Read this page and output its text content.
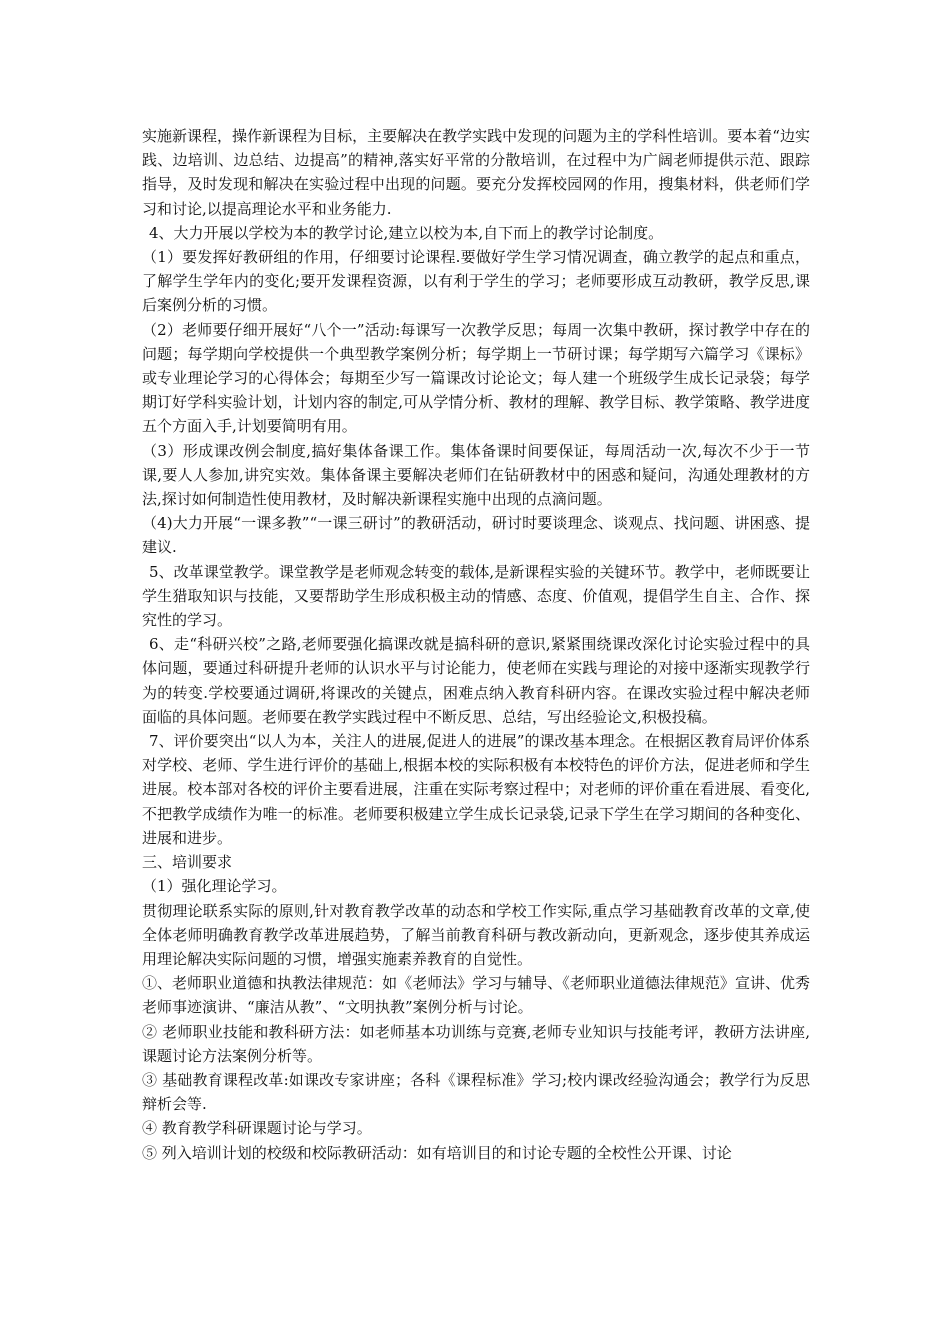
实施新课程，操作新课程为目标，主要解决在教学实践中发现的问题为主的学科性培训。要本着“边实践、边培训、边总结、边提高”的精神,落实好平常的分散培训，在过程中为广阔老师提供示范、跟踪指导，及时发现和解决在实验过程中出现的问题。要充分发挥校园网的作用，搜集材料，供老师们学习和讨论,以提高理论水平和业务能力.

4、大力开展以学校为本的教学讨论,建立以校为本,自下而上的教学讨论制度。

（1）要发挥好教研组的作用，仔细要讨论课程.要做好学生学习情况调查，确立教学的起点和重点，了解学生学年内的变化;要开发课程资源，以有利于学生的学习；老师要形成互动教研，教学反思,课后案例分析的习惯。

（2）老师要仔细开展好“八个一”活动:每课写一次教学反思；每周一次集中教研，探讨教学中存在的问题；每学期向学校提供一个典型教学案例分析；每学期上一节研讨课；每学期写六篇学习《课标》或专业理论学习的心得体会；每期至少写一篇课改讨论论文；每人建一个班级学生成长记录袋；每学期订好学科实验计划，计划内容的制定,可从学情分析、教材的理解、教学目标、教学策略、教学进度五个方面入手,计划要简明有用。

（3）形成课改例会制度,搞好集体备课工作。集体备课时间要保证，每周活动一次,每次不少于一节课,要人人参加,讲究实效。集体备课主要解决老师们在钻研教材中的困惑和疑问，沟通处理教材的方法,探讨如何制造性使用教材，及时解决新课程实施中出现的点滴问题。

（4)大力开展“一课多教”“一课三研讨”的教研活动，研讨时要谈理念、谈观点、找问题、讲困惑、提建议.

5、改革课堂教学。课堂教学是老师观念转变的载体,是新课程实验的关键环节。教学中，老师既要让学生猎取知识与技能，又要帮助学生形成积极主动的情感、态度、价值观，提倡学生自主、合作、探究性的学习。

6、走“科研兴校”之路,老师要强化搞课改就是搞科研的意识,紧紧围绕课改深化讨论实验过程中的具体问题，要通过科研提升老师的认识水平与讨论能力，使老师在实践与理论的对接中逐渐实现教学行为的转变.学校要通过调研,将课改的关键点，困难点纳入教育科研内容。在课改实验过程中解决老师面临的具体问题。老师要在教学实践过程中不断反思、总结，写出经验论文,积极投稿。

7、评价要突出“以人为本，关注人的进展,促进人的进展”的课改基本理念。在根据区教育局评价体系对学校、老师、学生进行评价的基础上,根据本校的实际积极有本校特色的评价方法，促进老师和学生进展。校本部对各校的评价主要看进展，注重在实际考察过程中；对老师的评价重在看进展、看变化,不把教学成绩作为唯一的标准。老师要积极建立学生成长记录袋,记录下学生在学习期间的各种变化、进展和进步。

三、培训要求

（1）强化理论学习。

贯彻理论联系实际的原则,针对教育教学改革的动态和学校工作实际,重点学习基础教育改革的文章,使全体老师明确教育教学改革进展趋势，了解当前教育科研与教改新动向，更新观念，逐步使其养成运用理论解决实际问题的习惯，增强实施素养教育的自觉性。

①、老师职业道德和执教法律规范：如《老师法》学习与辅导、《老师职业道德法律规范》宣讲、优秀老师事迹演讲、“廉洁从教”、“文明执教”案例分析与讨论。

② 老师职业技能和教科研方法：如老师基本功训练与竞赛,老师专业知识与技能考评，教研方法讲座,课题讨论方法案例分析等。

③ 基础教育课程改革:如课改专家讲座；各科《课程标准》学习;校内课改经验沟通会；教学行为反思辩析会等.

④ 教育教学科研课题讨论与学习。

⑤ 列入培训计划的校级和校际教研活动：如有培训目的和讨论专题的全校性公开课、讨论
